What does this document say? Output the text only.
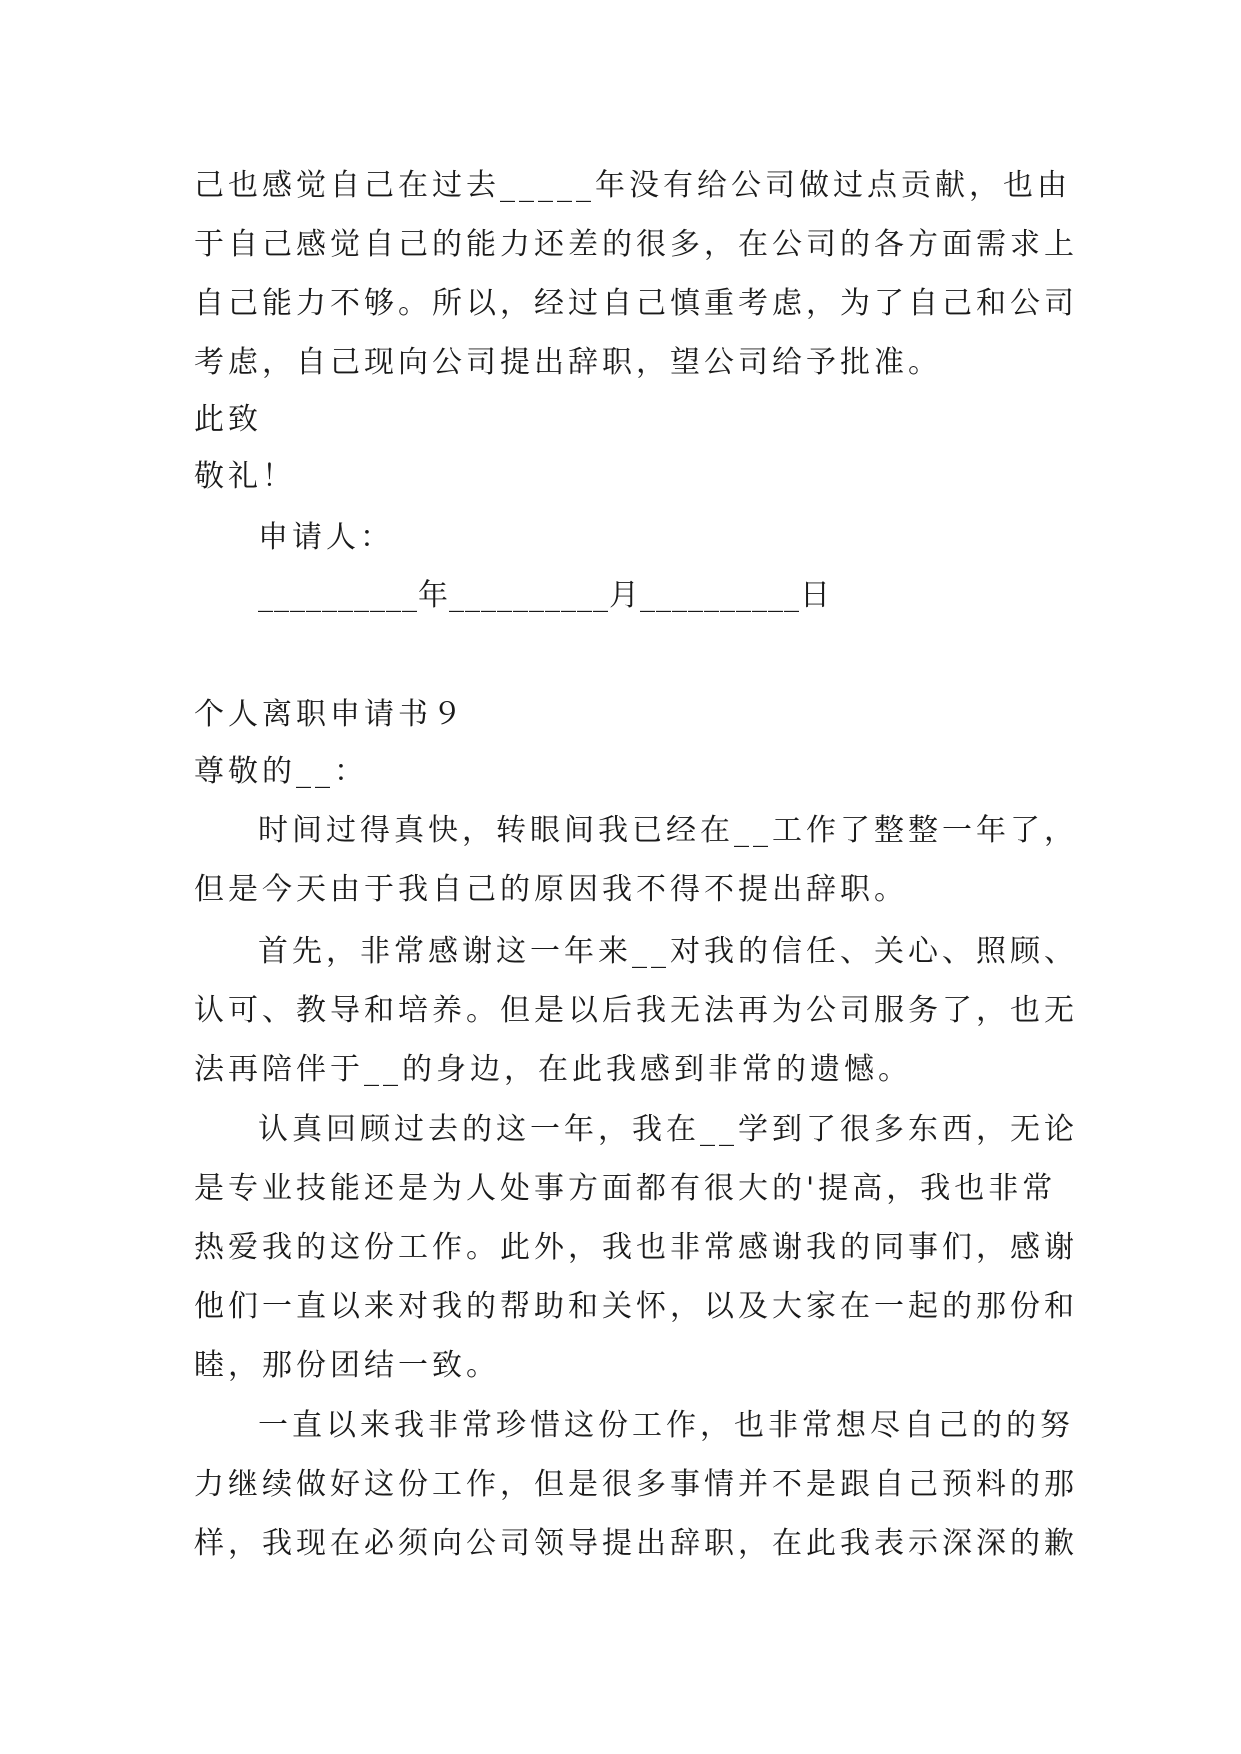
己也感觉自己在过去_____年没有给公司做过点贡献，也由
于自己感觉自己的能力还差的很多，在公司的各方面需求上
自己能力不够。所以，经过自己慎重考虑，为了自己和公司
考虑，自己现向公司提出辞职，望公司给予批准。
此致
敬礼！
申请人：
__________年__________月__________日
个人离职申请书９
尊敬的__：
时间过得真快，转眼间我已经在__工作了整整一年了，
但是今天由于我自己的原因我不得不提出辞职。
首先，非常感谢这一年来__对我的信任、关心、照顾、
认可、教导和培养。但是以后我无法再为公司服务了，也无
法再陪伴于__的身边，在此我感到非常的遗憾。
认真回顾过去的这一年，我在__学到了很多东西，无论
是专业技能还是为人处事方面都有很大的'提高，我也非常
热爱我的这份工作。此外，我也非常感谢我的同事们，感谢
他们一直以来对我的帮助和关怀，以及大家在一起的那份和
睦，那份团结一致。
一直以来我非常珍惜这份工作，也非常想尽自己的的努
力继续做好这份工作，但是很多事情并不是跟自己预料的那
样，我现在必须向公司领导提出辞职，在此我表示深深的歉
